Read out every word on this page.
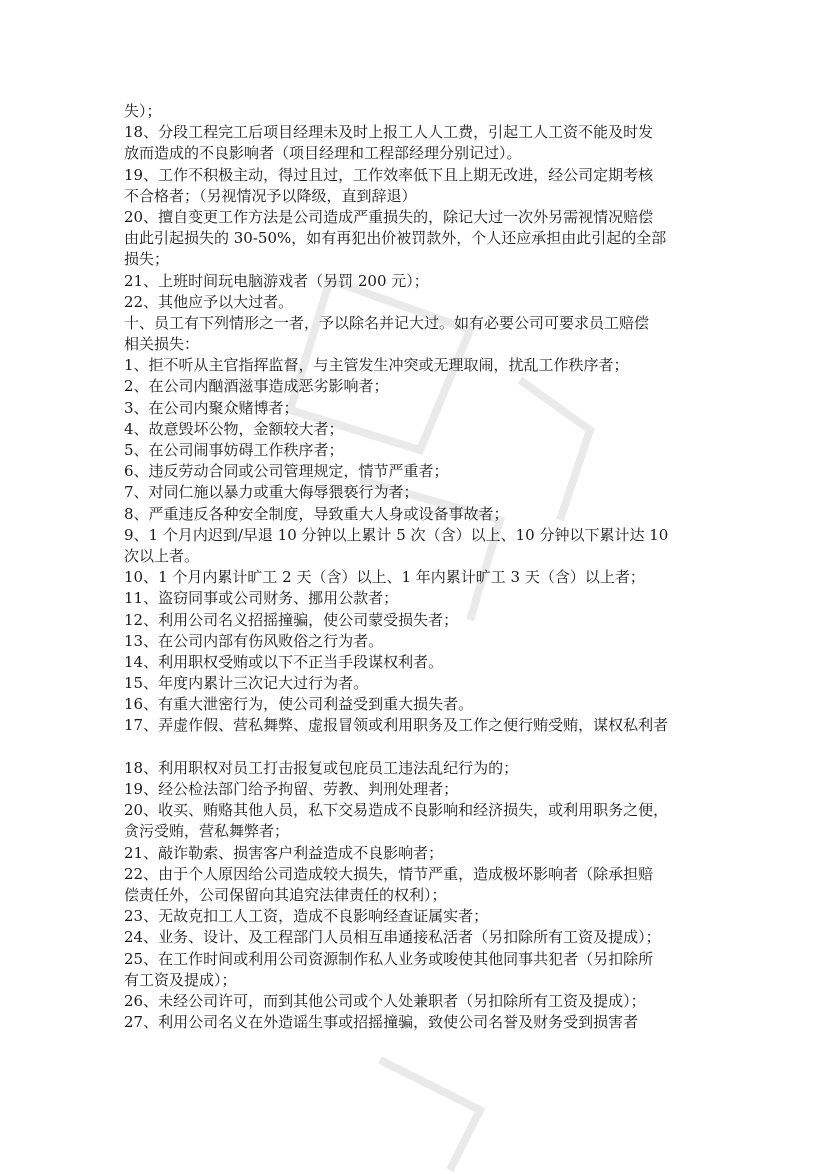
失）；
18、分段工程完工后项目经理未及时上报工人人工费，引起工人工资不能及时发
放而造成的不良影响者（项目经理和工程部经理分别记过）。
19、工作不积极主动，得过且过，工作效率低下且上期无改进，经公司定期考核
不合格者；（另视情况予以降级，直到辞退）
20、擅自变更工作方法是公司造成严重损失的，除记大过一次外另需视情况赔偿
由此引起损失的 30-50%，如有再犯出价被罚款外，个人还应承担由此引起的全部
损失；
21、上班时间玩电脑游戏者（另罚 200 元）；
22、其他应予以大过者。
十、员工有下列情形之一者，予以除名并记大过。如有必要公司可要求员工赔偿
相关损失：
1、拒不听从主官指挥监督，与主管发生冲突或无理取闹，扰乱工作秩序者；
2、在公司内酗酒滋事造成恶劣影响者；
3、在公司内聚众赌博者；
4、故意毁坏公物，金额较大者；
5、在公司闹事妨碍工作秩序者；
6、违反劳动合同或公司管理规定，情节严重者；
7、对同仁施以暴力或重大侮辱猥亵行为者；
8、严重违反各种安全制度，导致重大人身或设备事故者；
9、1 个月内迟到/早退 10 分钟以上累计 5 次（含）以上、10 分钟以下累计达 10
次以上者。
10、1 个月内累计旷工 2 天（含）以上、1 年内累计旷工 3 天（含）以上者；
11、盗窃同事或公司财务、挪用公款者；
12、利用公司名义招摇撞骗，使公司蒙受损失者；
13、在公司内部有伤风败俗之行为者。
14、利用职权受贿或以下不正当手段谋权利者。
15、年度内累计三次记大过行为者。
16、有重大泄密行为，使公司利益受到重大损失者。
17、弄虚作假、营私舞弊、虚报冒领或利用职务及工作之便行贿受贿，谋权私利者
18、利用职权对员工打击报复或包庇员工违法乱纪行为的；
19、经公检法部门给予拘留、劳教、判刑处理者；
20、收买、贿赂其他人员，私下交易造成不良影响和经济损失，或利用职务之便，
贪污受贿，营私舞弊者；
21、敲诈勒索、损害客户利益造成不良影响者；
22、由于个人原因给公司造成较大损失，情节严重，造成极坏影响者（除承担赔
偿责任外，公司保留向其追究法律责任的权利）；
23、无故克扣工人工资，造成不良影响经查证属实者；
24、业务、设计、及工程部门人员相互串通接私活者（另扣除所有工资及提成）；
25、在工作时间或利用公司资源制作私人业务或唆使其他同事共犯者（另扣除所
有工资及提成）；
26、未经公司许可，而到其他公司或个人处兼职者（另扣除所有工资及提成）；
27、利用公司名义在外造谣生事或招摇撞骗，致使公司名誉及财务受到损害者
